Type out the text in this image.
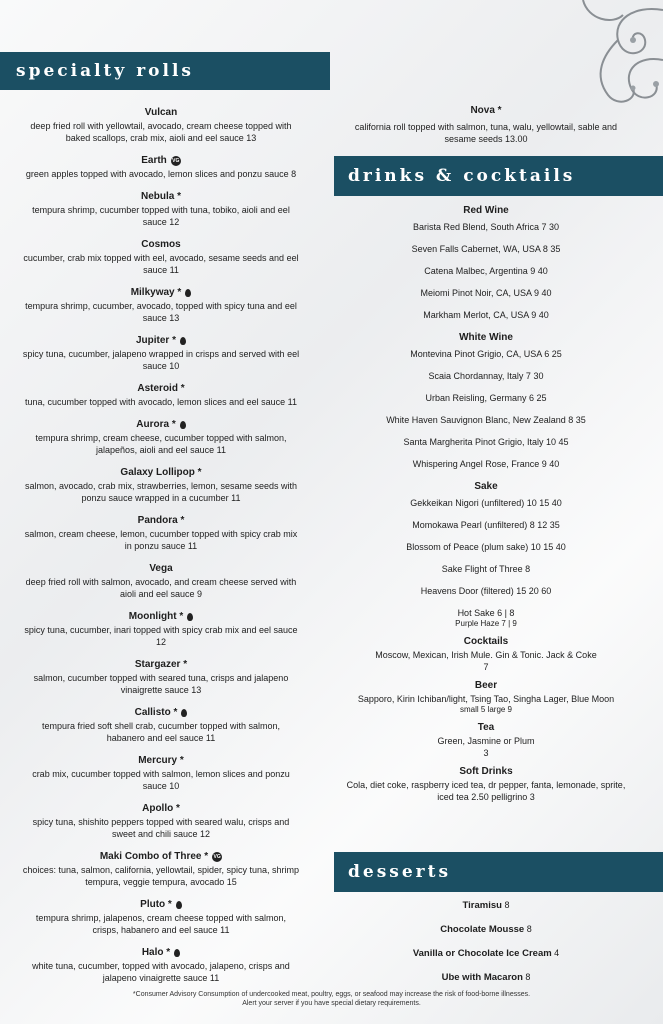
specialty rolls
drinks & cocktails
desserts
Vulcan
deep fried roll with yellowtail, avocado, cream cheese topped with baked scallops, crab mix, aioli and eel sauce 13
Earth VG
green apples topped with avocado, lemon slices and ponzu sauce 8
Nebula *
tempura shrimp, cucumber topped with tuna, tobiko, aioli and eel sauce 12
Cosmos
cucumber, crab mix topped with eel, avocado, sesame seeds and eel sauce 11
Milkyway *
tempura shrimp, cucumber, avocado, topped with spicy tuna and eel sauce 13
Jupiter *
spicy tuna, cucumber, jalapeno wrapped in crisps and served with eel sauce 10
Asteroid *
tuna, cucumber topped with avocado, lemon slices and eel sauce 11
Aurora *
tempura shrimp, cream cheese, cucumber topped with salmon, jalapeños, aioli and eel sauce 11
Galaxy Lollipop *
salmon, avocado, crab mix, strawberries, lemon, sesame seeds with ponzu sauce wrapped in a cucumber 11
Pandora *
salmon, cream cheese, lemon, cucumber topped with spicy crab mix in ponzu sauce 11
Vega
deep fried roll with salmon, avocado, and cream cheese served with aioli and eel sauce 9
Moonlight *
spicy tuna, cucumber, inari topped with spicy crab mix and eel sauce 12
Stargazer *
salmon, cucumber topped with seared tuna, crisps and jalapeno vinaigrette sauce 13
Callisto *
tempura fried soft shell crab, cucumber topped with salmon, habanero and eel sauce 11
Mercury *
crab mix, cucumber topped with salmon, lemon slices and ponzu sauce 10
Apollo *
spicy tuna, shishito peppers topped with seared walu, crisps and sweet and chili sauce 12
Maki Combo of Three * VG
choices: tuna, salmon, california, yellowtail, spider, spicy tuna, shrimp tempura, veggie tempura, avocado 15
Pluto *
tempura shrimp, jalapenos, cream cheese topped with salmon, crisps, habanero and eel sauce 11
Halo *
white tuna, cucumber, topped with avocado, jalapeno, crisps and jalapeno vinaigrette sauce 11
Nova *
california roll topped with salmon, tuna, walu, yellowtail, sable and sesame seeds 13.00
Red Wine
Barista Red Blend, South Africa 7 30
Seven Falls Cabernet, WA, USA 8 35
Catena Malbec, Argentina 9 40
Meiomi Pinot Noir, CA, USA 9 40
Markham Merlot, CA, USA 9 40
White Wine
Montevina Pinot Grigio, CA, USA 6 25
Scaia Chordannay, Italy 7 30
Urban Reisling, Germany 6 25
White Haven Sauvignon Blanc, New Zealand 8 35
Santa Margherita Pinot Grigio, Italy 10 45
Whispering Angel Rose, France 9 40
Sake
Gekkeikan Nigori (unfiltered) 10 15 40
Momokawa Pearl (unfiltered) 8 12 35
Blossom of Peace (plum sake) 10 15 40
Sake Flight of Three 8
Heavens Door (filtered) 15 20 60
Hot Sake 6 | 8
Purple Haze 7 | 9
Cocktails
Moscow, Mexican, Irish Mule. Gin & Tonic. Jack & Coke
7
Beer
Sapporo, Kirin Ichiban/light, Tsing Tao, Singha Lager, Blue Moon
small 5 large 9
Tea
Green, Jasmine or Plum
3
Soft Drinks
Cola, diet coke, raspberry iced tea, dr pepper, fanta, lemonade, sprite, iced tea 2.50 pelligrino 3
Tiramisu 8
Chocolate Mousse 8
Vanilla or Chocolate Ice Cream 4
Ube with Macaron 8
*Consumer Advisory Consumption of undercooked meat, poultry, eggs, or seafood may increase the risk of food-borne illnesses.
Alert your server if you have special dietary requirements.
